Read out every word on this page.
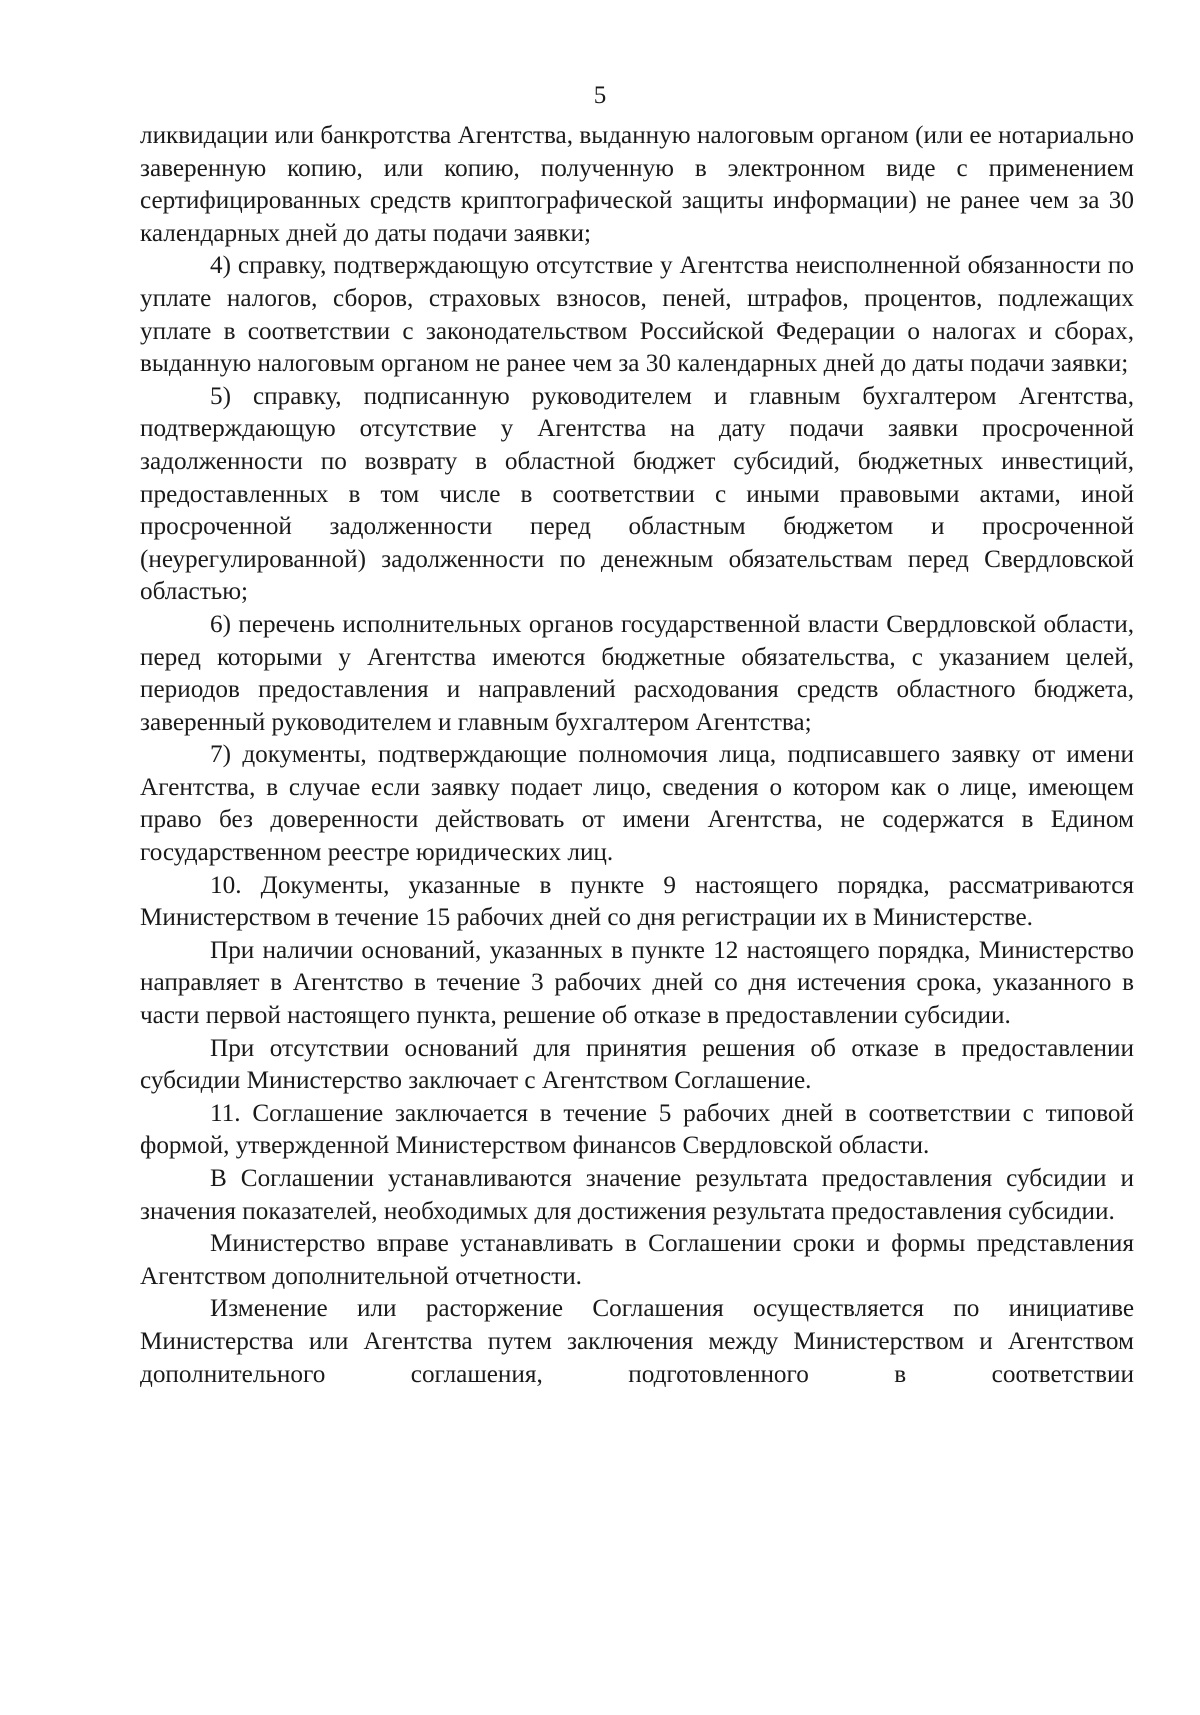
5

ликвидации или банкротства Агентства, выданную налоговым органом (или ее нотариально заверенную копию, или копию, полученную в электронном виде с применением сертифицированных средств криптографической защиты информации) не ранее чем за 30 календарных дней до даты подачи заявки;

4) справку, подтверждающую отсутствие у Агентства неисполненной обязанности по уплате налогов, сборов, страховых взносов, пеней, штрафов, процентов, подлежащих уплате в соответствии с законодательством Российской Федерации о налогах и сборах, выданную налоговым органом не ранее чем за 30 календарных дней до даты подачи заявки;

5) справку, подписанную руководителем и главным бухгалтером Агентства, подтверждающую отсутствие у Агентства на дату подачи заявки просроченной задолженности по возврату в областной бюджет субсидий, бюджетных инвестиций, предоставленных в том числе в соответствии с иными правовыми актами, иной просроченной задолженности перед областным бюджетом и просроченной (неурегулированной) задолженности по денежным обязательствам перед Свердловской областью;

6) перечень исполнительных органов государственной власти Свердловской области, перед которыми у Агентства имеются бюджетные обязательства, с указанием целей, периодов предоставления и направлений расходования средств областного бюджета, заверенный руководителем и главным бухгалтером Агентства;

7) документы, подтверждающие полномочия лица, подписавшего заявку от имени Агентства, в случае если заявку подает лицо, сведения о котором как о лице, имеющем право без доверенности действовать от имени Агентства, не содержатся в Едином государственном реестре юридических лиц.

10. Документы, указанные в пункте 9 настоящего порядка, рассматриваются Министерством в течение 15 рабочих дней со дня регистрации их в Министерстве.

При наличии оснований, указанных в пункте 12 настоящего порядка, Министерство направляет в Агентство в течение 3 рабочих дней со дня истечения срока, указанного в части первой настоящего пункта, решение об отказе в предоставлении субсидии.

При отсутствии оснований для принятия решения об отказе в предоставлении субсидии Министерство заключает с Агентством Соглашение.

11. Соглашение заключается в течение 5 рабочих дней в соответствии с типовой формой, утвержденной Министерством финансов Свердловской области.

В Соглашении устанавливаются значение результата предоставления субсидии и значения показателей, необходимых для достижения результата предоставления субсидии.

Министерство вправе устанавливать в Соглашении сроки и формы представления Агентством дополнительной отчетности.

Изменение или расторжение Соглашения осуществляется по инициативе Министерства или Агентства путем заключения между Министерством и Агентством дополнительного соглашения, подготовленного в соответствии
